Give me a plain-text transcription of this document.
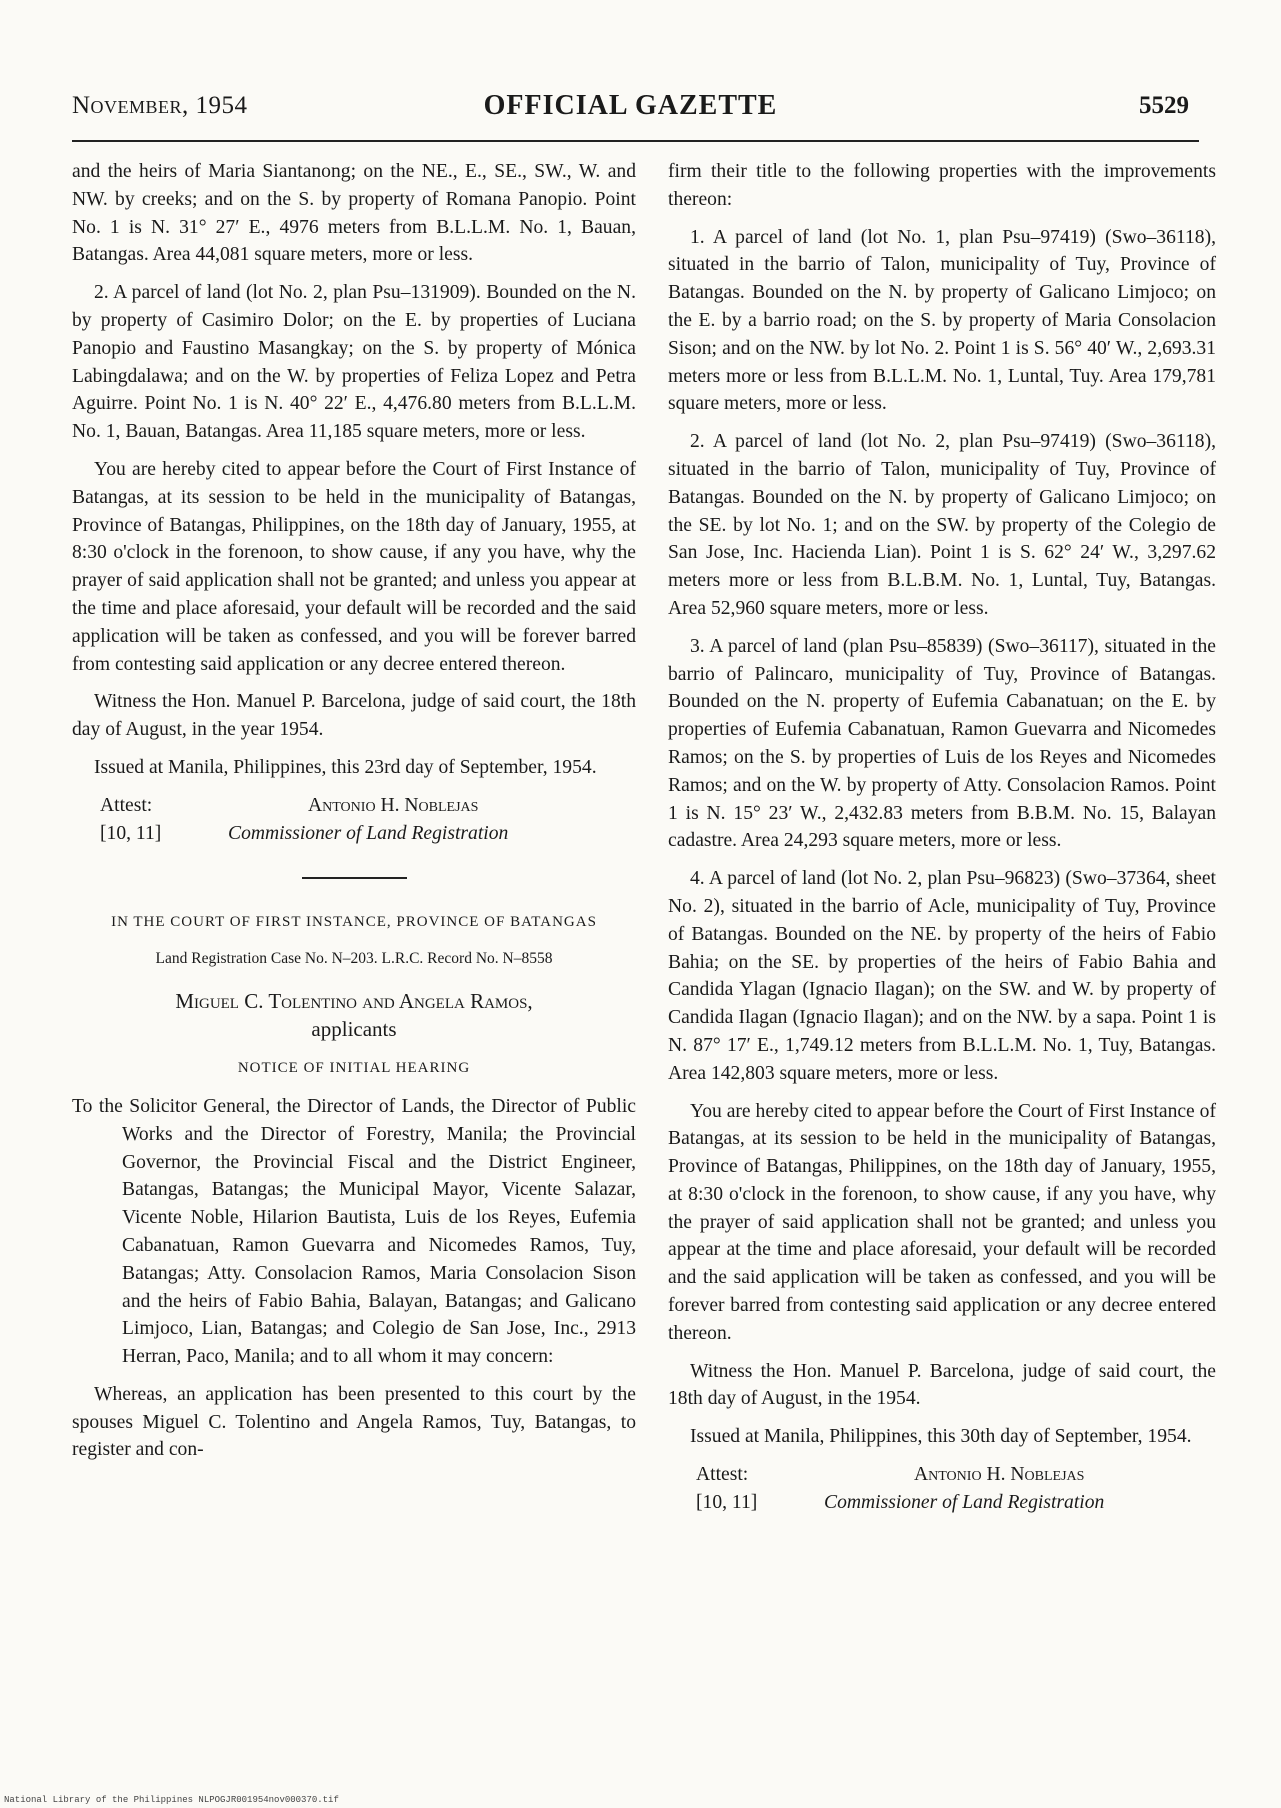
November, 1954	OFFICIAL GAZETTE	5529

and the heirs of Maria Siantanong; on the NE., E., SE., SW., W. and NW. by creeks; and on the S. by property of Romana Panopio. Point No. 1 is N. 31° 27′ E., 4976 meters from B.L.L.M. No. 1, Bauan, Batangas. Area 44,081 square meters, more or less.

2. A parcel of land (lot No. 2, plan Psu–131909). Bounded on the N. by property of Casimiro Dolor; on the E. by properties of Luciana Panopio and Faustino Masangkay; on the S. by property of Mónica Labingdalawa; and on the W. by properties of Feliza Lopez and Petra Aguirre. Point No. 1 is N. 40° 22′ E., 4,476.80 meters from B.L.L.M. No. 1, Bauan, Batangas. Area 11,185 square meters, more or less.

You are hereby cited to appear before the Court of First Instance of Batangas, at its session to be held in the municipality of Batangas, Province of Batangas, Philippines, on the 18th day of January, 1955, at 8:30 o'clock in the forenoon, to show cause, if any you have, why the prayer of said application shall not be granted; and unless you appear at the time and place aforesaid, your default will be recorded and the said application will be taken as confessed, and you will be forever barred from contesting said application or any decree entered thereon.

Witness the Hon. Manuel P. Barcelona, judge of said court, the 18th day of August, in the year 1954.

Issued at Manila, Philippines, this 23rd day of September, 1954.

Attest:	Antonio H. Noblejas
[10, 11]	Commissioner of Land Registration
IN THE COURT OF FIRST INSTANCE, PROVINCE OF BATANGAS
Land Registration Case No. N–203. L.R.C. Record No. N–8558
Miguel C. Tolentino and Angela Ramos,
applicants
NOTICE OF INITIAL HEARING

To the Solicitor General, the Director of Lands, the Director of Public Works and the Director of Forestry, Manila; the Provincial Governor, the Provincial Fiscal and the District Engineer, Batangas, Batangas; the Municipal Mayor, Vicente Salazar, Vicente Noble, Hilarion Bautista, Luis de los Reyes, Eufemia Cabanatuan, Ramon Guevarra and Nicomedes Ramos, Tuy, Batangas; Atty. Consolacion Ramos, Maria Consolacion Sison and the heirs of Fabio Bahia, Balayan, Batangas; and Galicano Limjoco, Lian, Batangas; and Colegio de San Jose, Inc., 2913 Herran, Paco, Manila; and to all whom it may concern:

Whereas, an application has been presented to this court by the spouses Miguel C. Tolentino and Angela Ramos, Tuy, Batangas, to register and con-

firm their title to the following properties with the improvements thereon:

1. A parcel of land (lot No. 1, plan Psu–97419) (Swo–36118), situated in the barrio of Talon, municipality of Tuy, Province of Batangas. Bounded on the N. by property of Galicano Limjoco; on the E. by a barrio road; on the S. by property of Maria Consolacion Sison; and on the NW. by lot No. 2. Point 1 is S. 56° 40′ W., 2,693.31 meters more or less from B.L.L.M. No. 1, Luntal, Tuy. Area 179,781 square meters, more or less.

2. A parcel of land (lot No. 2, plan Psu–97419) (Swo–36118), situated in the barrio of Talon, municipality of Tuy, Province of Batangas. Bounded on the N. by property of Galicano Limjoco; on the SE. by lot No. 1; and on the SW. by property of the Colegio de San Jose, Inc. Hacienda Lian). Point 1 is S. 62° 24′ W., 3,297.62 meters more or less from B.L.B.M. No. 1, Luntal, Tuy, Batangas. Area 52,960 square meters, more or less.

3. A parcel of land (plan Psu–85839) (Swo–36117), situated in the barrio of Palincaro, municipality of Tuy, Province of Batangas. Bounded on the N. property of Eufemia Cabanatuan; on the E. by properties of Eufemia Cabanatuan, Ramon Guevarra and Nicomedes Ramos; on the S. by properties of Luis de los Reyes and Nicomedes Ramos; and on the W. by property of Atty. Consolacion Ramos. Point 1 is N. 15° 23′ W., 2,432.83 meters from B.B.M. No. 15, Balayan cadastre. Area 24,293 square meters, more or less.

4. A parcel of land (lot No. 2, plan Psu–96823) (Swo–37364, sheet No. 2), situated in the barrio of Acle, municipality of Tuy, Province of Batangas. Bounded on the NE. by property of the heirs of Fabio Bahia; on the SE. by properties of the heirs of Fabio Bahia and Candida Ylagan (Ignacio Ilagan); on the SW. and W. by property of Candida Ilagan (Ignacio Ilagan); and on the NW. by a sapa. Point 1 is N. 87° 17′ E., 1,749.12 meters from B.L.L.M. No. 1, Tuy, Batangas. Area 142,803 square meters, more or less.

You are hereby cited to appear before the Court of First Instance of Batangas, at its session to be held in the municipality of Batangas, Province of Batangas, Philippines, on the 18th day of January, 1955, at 8:30 o'clock in the forenoon, to show cause, if any you have, why the prayer of said application shall not be granted; and unless you appear at the time and place aforesaid, your default will be recorded and the said application will be taken as confessed, and you will be forever barred from contesting said application or any decree entered thereon.

Witness the Hon. Manuel P. Barcelona, judge of said court, the 18th day of August, in the 1954.

Issued at Manila, Philippines, this 30th day of September, 1954.

Attest:	Antonio H. Noblejas
[10, 11]	Commissioner of Land Registration
National Library of the Philippines NLPOGJR001954nov000370.tif
